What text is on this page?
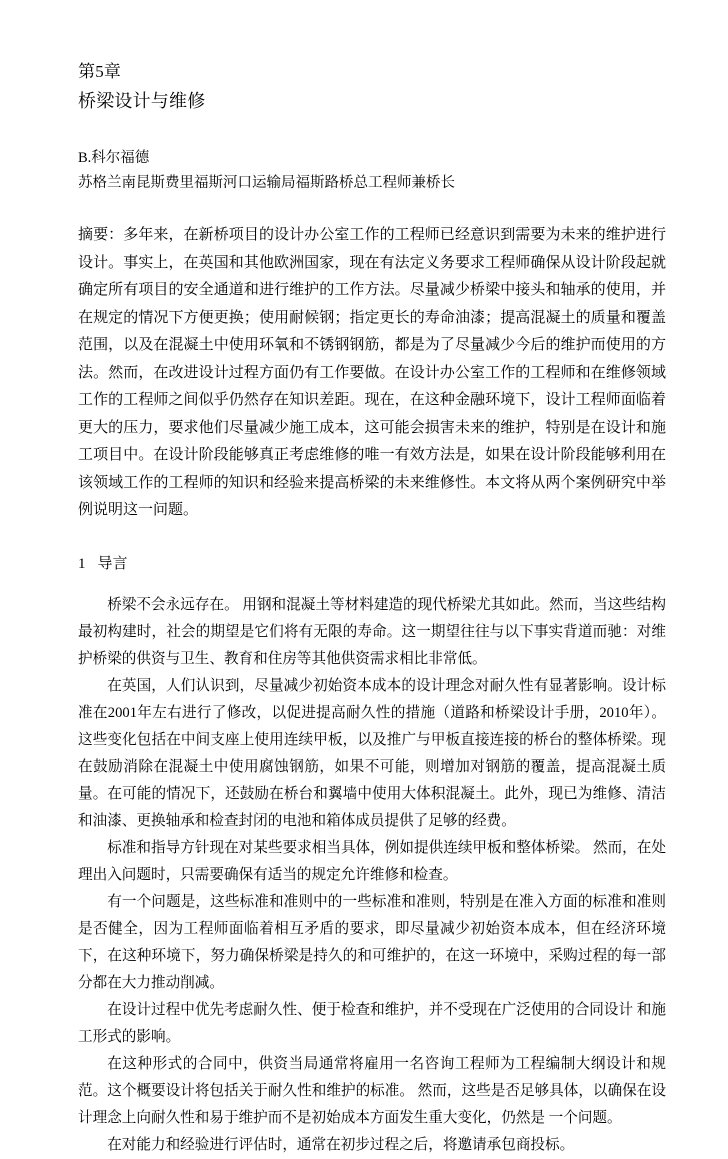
第5章
桥梁设计与维修
B.科尔福德
苏格兰南昆斯费里福斯河口运输局福斯路桥总工程师兼桥长
摘要：多年来，在新桥项目的设计办公室工作的工程师已经意识到需要为未来的维护进行设计。事实上，在英国和其他欧洲国家，现在有法定义务要求工程师确保从设计阶段起就确定所有项目的安全通道和进行维护的工作方法。尽量减少桥梁中接头和轴承的使用，并在规定的情况下方便更换；使用耐候钢；指定更长的寿命油漆；提高混凝土的质量和覆盖范围，以及在混凝土中使用环氧和不锈钢钢筋，都是为了尽量减少今后的维护而使用的方法。然而，在改进设计过程方面仍有工作要做。在设计办公室工作的工程师和在维修领域工作的工程师之间似乎仍然存在知识差距。现在，在这种金融环境下，设计工程师面临着更大的压力，要求他们尽量减少施工成本，这可能会损害未来的维护，特别是在设计和施工项目中。在设计阶段能够真正考虑维修的唯一有效方法是，如果在设计阶段能够利用在该领域工作的工程师的知识和经验来提高桥梁的未来维修性。本文将从两个案例研究中举例说明这一问题。
1 导言

桥梁不会永远存在。 用钢和混凝土等材料建造的现代桥梁尤其如此。然而，当这些结构最初构建时，社会的期望是它们将有无限的寿命。这一期望往往与以下事实背道而驰：对维护桥梁的供资与卫生、教育和住房等其他供资需求相比非常低。

在英国，人们认识到，尽量减少初始资本成本的设计理念对耐久性有显著影响。设计标准在2001年左右进行了修改，以促进提高耐久性的措施（道路和桥梁设计手册，2010年）。这些变化包括在中间支座上使用连续甲板，以及推广与甲板直接连接的桥台的整体桥梁。现在鼓励消除在混凝土中使用腐蚀钢筋，如果不可能，则增加对钢筋的覆盖，提高混凝土质量。在可能的情况下，还鼓励在桥台和翼墙中使用大体积混凝土。此外，现已为维修、清洁和油漆、更换轴承和检查封闭的电池和箱体成员提供了足够的经费。

标准和指导方针现在对某些要求相当具体，例如提供连续甲板和整体桥梁。 然而，在处理出入问题时，只需要确保有适当的规定允许维修和检查。

有一个问题是，这些标准和准则中的一些标准和准则，特别是在准入方面的标准和准则是否健全，因为工程师面临着相互矛盾的要求，即尽量减少初始资本成本，但在经济环境下，在这种环境下，努力确保桥梁是持久的和可维护的，在这一环境中，采购过程的每一部分都在大力推动削减。

在设计过程中优先考虑耐久性、便于检查和维护，并不受现在广泛使用的合同设计 和施工形式的影响。

在这种形式的合同中，供资当局通常将雇用一名咨询工程师为工程编制大纲设计和规范。这个概要设计将包括关于耐久性和维护的标准。 然而，这些是否足够具体，以确保在设计理念上向耐久性和易于维护而不是初始成本方面发生重大变化，仍然是 一个问题。

在对能力和经验进行评估时，通常在初步过程之后，将邀请承包商投标。
